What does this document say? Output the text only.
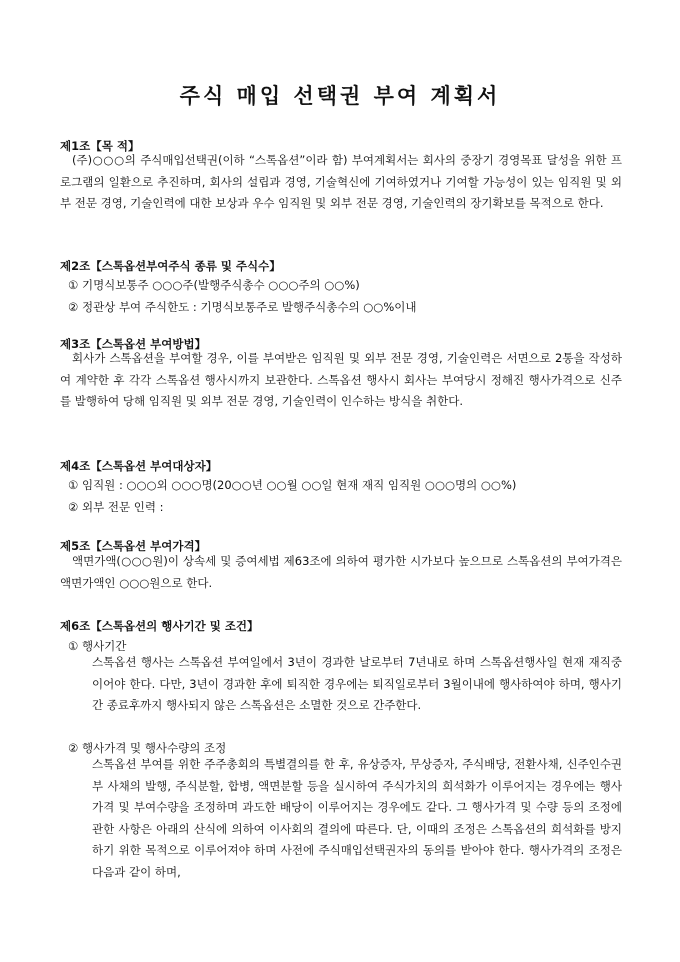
주식 매입 선택권 부여 계획서

제1조【목 적】

(주)○○○의 주식매입선택권(이하 “스톡옵션”이라 함) 부여계획서는 회사의 중장기 경영목표 달성을 위한 프로그램의 일환으로 추진하며, 회사의 설립과 경영, 기술혁신에 기여하였거나 기여할 가능성이 있는 임직원 및 외부 전문 경영, 기술인력에 대한 보상과 우수 임직원 및 외부 전문 경영, 기술인력의 장기확보를 목적으로 한다.

제2조【스톡옵션부여주식 종류 및 주식수】

① 기명식보통주 ○○○주(발행주식총수 ○○○주의 ○○%)

② 정관상 부여 주식한도 : 기명식보통주로 발행주식총수의 ○○%이내

제3조【스톡옵션 부여방법】

회사가 스톡옵션을 부여할 경우, 이를 부여받은 임직원 및 외부 전문 경영, 기술인력은 서면으로 2통을 작성하여 계약한 후 각각 스톡옵션 행사시까지 보관한다. 스톡옵션 행사시 회사는 부여당시 정해진 행사가격으로 신주를 발행하여 당해 임직원 및 외부 전문 경영, 기술인력이 인수하는 방식을 취한다.

제4조【스톡옵션 부여대상자】

① 임직원 : ○○○외 ○○○명(20○○년 ○○월 ○○일 현재 재직 임직원 ○○○명의 ○○%)

② 외부 전문 인력 :

제5조【스톡옵션 부여가격】

액면가액(○○○원)이 상속세 및 증여세법 제63조에 의하여 평가한 시가보다 높으므로 스톡옵션의 부여가격은 액면가액인 ○○○원으로 한다.

제6조【스톡옵션의 행사기간 및 조건】

① 행사기간

스톡옵션 행사는 스톡옵션 부여일에서 3년이 경과한 날로부터 7년내로 하며 스톡옵션행사일 현재 재직중이어야 한다. 다만, 3년이 경과한 후에 퇴직한 경우에는 퇴직일로부터 3월이내에 행사하여야 하며, 행사기간 종료후까지 행사되지 않은 스톡옵션은 소멸한 것으로 간주한다.

② 행사가격 및 행사수량의 조정

스톡옵션 부여를 위한 주주총회의 특별결의를 한 후, 유상증자, 무상증자, 주식배당, 전환사채, 신주인수권부 사채의 발행, 주식분할, 합병, 액면분할 등을 실시하여 주식가치의 희석화가 이루어지는 경우에는 행사가격 및 부여수량을 조정하며 과도한 배당이 이루어지는 경우에도 같다. 그 행사가격 및 수량 등의 조정에 관한 사항은 아래의 산식에 의하여 이사회의 결의에 따른다. 단, 이때의 조정은 스톡옵션의 희석화를 방지하기 위한 목적으로 이루어져야 하며 사전에 주식매입선택권자의 동의를 받아야 한다. 행사가격의 조정은 다음과 같이 하며,
